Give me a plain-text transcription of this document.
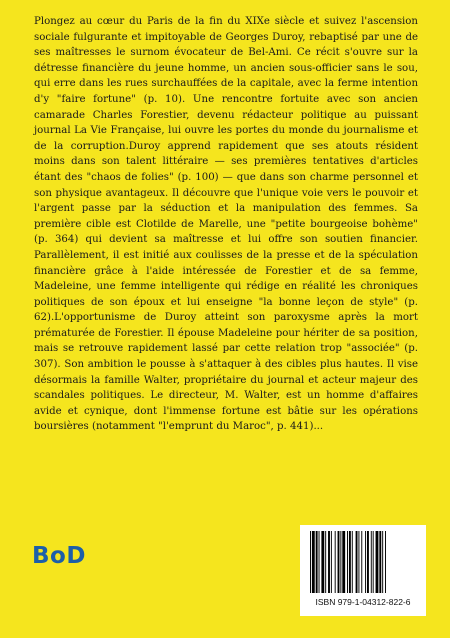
Plongez au cœur du Paris de la fin du XIXe siècle et suivez l'ascension sociale fulgurante et impitoyable de Georges Duroy, rebaptisé par une de ses maîtresses le surnom évocateur de Bel-Ami. Ce récit s'ouvre sur la détresse financière du jeune homme, un ancien sous-officier sans le sou, qui erre dans les rues surchauffées de la capitale, avec la ferme intention d'y "faire fortune" (p. 10). Une rencontre fortuite avec son ancien camarade Charles Forestier, devenu rédacteur politique au puissant journal La Vie Française, lui ouvre les portes du monde du journalisme et de la corruption.Duroy apprend rapidement que ses atouts résident moins dans son talent littéraire — ses premières tentatives d'articles étant des "chaos de folies" (p. 100) — que dans son charme personnel et son physique avantageux. Il découvre que l'unique voie vers le pouvoir et l'argent passe par la séduction et la manipulation des femmes. Sa première cible est Clotilde de Marelle, une "petite bourgeoise bohème" (p. 364) qui devient sa maîtresse et lui offre son soutien financier. Parallèlement, il est initié aux coulisses de la presse et de la spéculation financière grâce à l'aide intéressée de Forestier et de sa femme, Madeleine, une femme intelligente qui rédige en réalité les chroniques politiques de son époux et lui enseigne "la bonne leçon de style" (p. 62).L'opportunisme de Duroy atteint son paroxysme après la mort prématurée de Forestier. Il épouse Madeleine pour hériter de sa position, mais se retrouve rapidement lassé par cette relation trop "associée" (p. 307). Son ambition le pousse à s'attaquer à des cibles plus hautes. Il vise désormais la famille Walter, propriétaire du journal et acteur majeur des scandales politiques. Le directeur, M. Walter, est un homme d'affaires avide et cynique, dont l'immense fortune est bâtie sur les opérations boursières (notamment "l'emprunt du Maroc", p. 441)...

BoD
ISBN 979-1-04312-822-6
